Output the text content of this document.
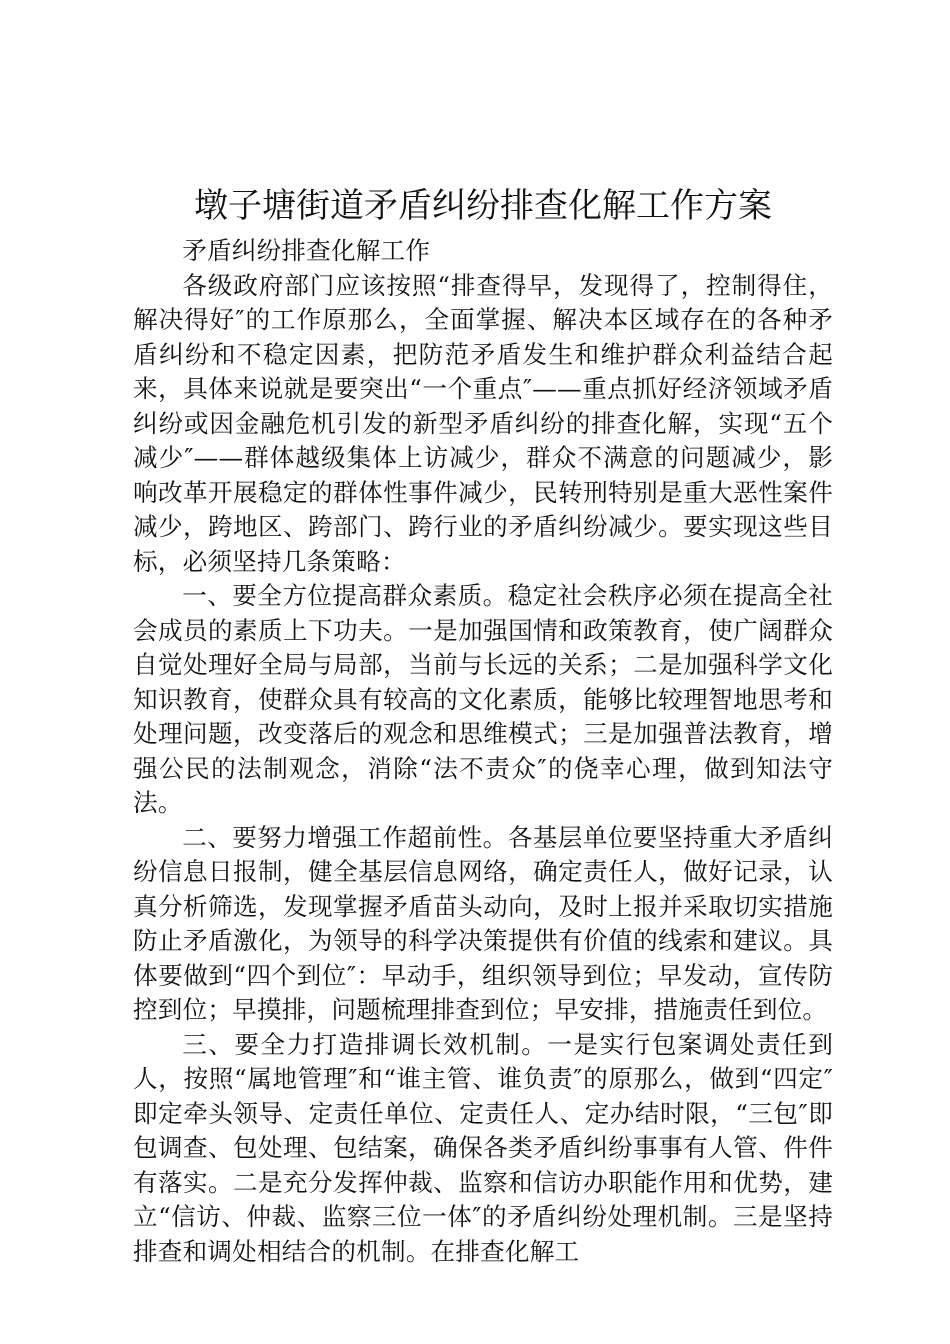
墩子塘街道矛盾纠纷排查化解工作方案

矛盾纠纷排查化解工作

各级政府部门应该按照“排查得早，发现得了，控制得住，解决得好″的工作原那么，全面掌握、解决本区域存在的各种矛盾纠纷和不稳定因素，把防范矛盾发生和维护群众利益结合起来，具体来说就是要突出“一个重点″——重点抓好经济领域矛盾纠纷或因金融危机引发的新型矛盾纠纷的排查化解，实现“五个减少″——群体越级集体上访减少，群众不满意的问题减少，影响改革开展稳定的群体性事件减少，民转刑特别是重大恶性案件减少，跨地区、跨部门、跨行业的矛盾纠纷减少。要实现这些目标，必须坚持几条策略：

一、要全方位提高群众素质。稳定社会秩序必须在提高全社会成员的素质上下功夫。一是加强国情和政策教育，使广阔群众自觉处理好全局与局部，当前与长远的关系；二是加强科学文化知识教育，使群众具有较高的文化素质，能够比较理智地思考和处理问题，改变落后的观念和思维模式；三是加强普法教育，增强公民的法制观念，消除“法不责众″的侥幸心理，做到知法守法。

二、要努力增强工作超前性。各基层单位要坚持重大矛盾纠纷信息日报制，健全基层信息网络，确定责任人，做好记录，认真分析筛选，发现掌握矛盾苗头动向，及时上报并采取切实措施防止矛盾激化，为领导的科学决策提供有价值的线索和建议。具体要做到“四个到位″：早动手，组织领导到位；早发动，宣传防控到位；早摸排，问题梳理排查到位；早安排，措施责任到位。

三、要全力打造排调长效机制。一是实行包案调处责任到人，按照“属地管理″和“谁主管、谁负责″的原那么，做到“四定″即定牵头领导、定责任单位、定责任人、定办结时限，“三包″即包调查、包处理、包结案，确保各类矛盾纠纷事事有人管、件件有落实。二是充分发挥仲裁、监察和信访办职能作用和优势，建立“信访、仲裁、监察三位一体″的矛盾纠纷处理机制。三是坚持排查和调处相结合的机制。在排查化解工
